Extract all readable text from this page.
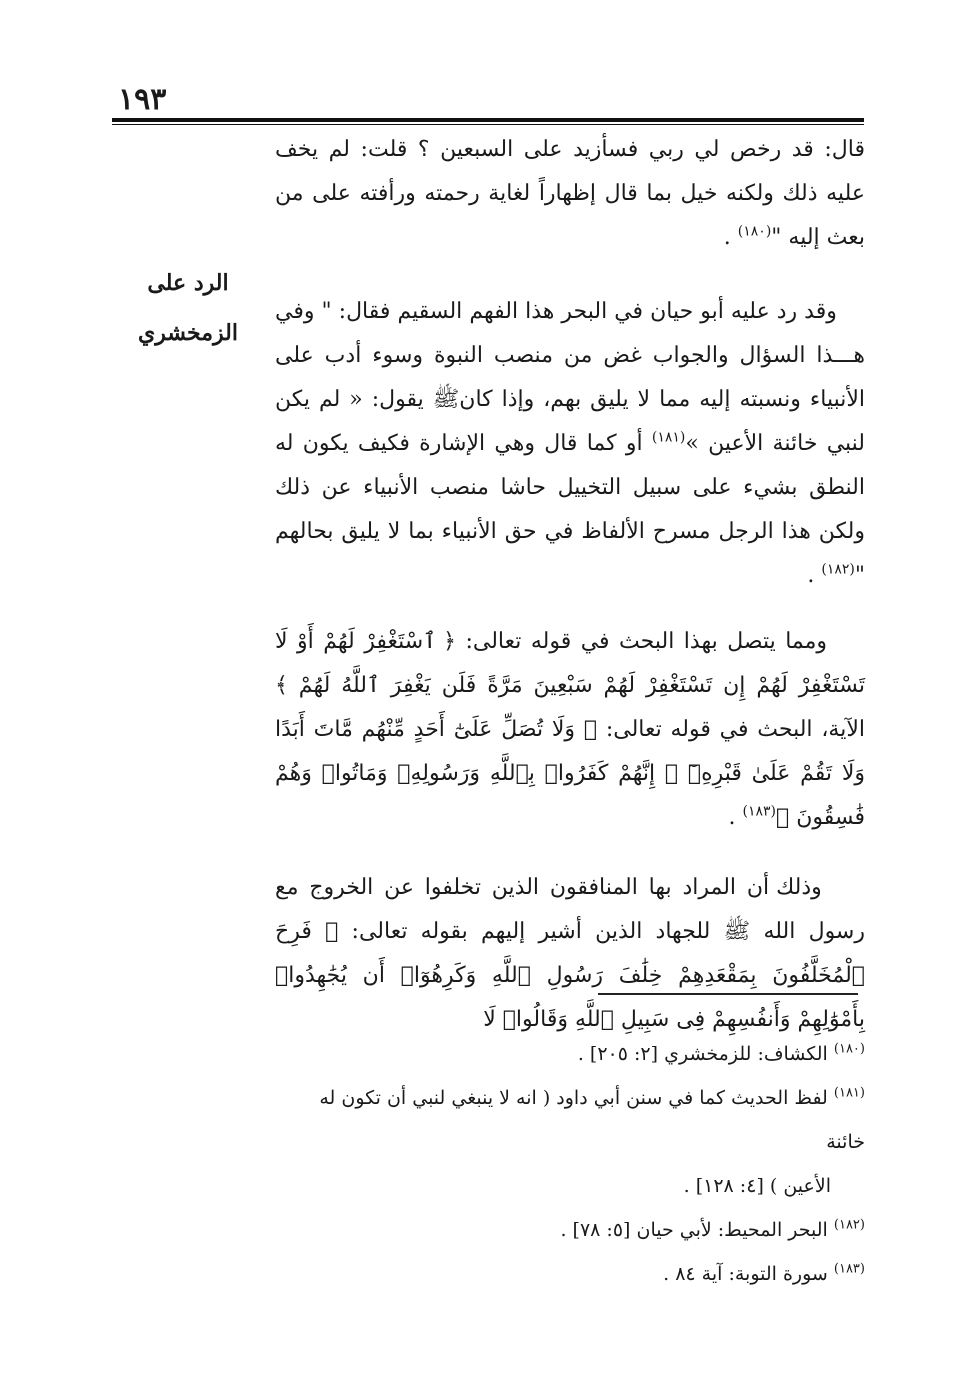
١٩٣
الرد على
الزمخشري

قال: قد رخص لي ربي فسأزيد على السبعين ؟ قلت: لم يخف عليه ذلك ولكنه خيل بما قال إظهاراً لغاية رحمته ورأفته على من بعث إليه "$^{(١٨٠)}$ .

وقد رد عليه أبو حيان في البحر هذا الفهم السقيم فقال: " وفي هـــذا السؤال والجواب غض من منصب النبوة وسوء أدب على الأنبياء ونسبته إليه مما لا يليق بهم، وإذا كانﷺ يقول: « لم يكن لنبي خائنة الأعين »$^{(١٨١)}$ أو كما قال وهي الإشارة فكيف يكون له النطق بشيء على سبيل التخييل حاشا منصب الأنبياء عن ذلك ولكن هذا الرجل مسرح الألفاظ في حق الأنبياء بما لا يليق بحالهم "$^{(١٨٢)}$ .

ومما يتصل بهذا البحث في قوله تعالى: ﴿ ٱسْتَغْفِرْ لَهُمْ أَوْ لَا تَسْتَغْفِرْ لَهُمْ إِن تَسْتَغْفِرْ لَهُمْ سَبْعِينَ مَرَّةً فَلَن يَغْفِرَ ٱللَّهُ لَهُمْ ﴾ الآية، البحث في قوله تعالى: ﴿ وَلَا تُصَلِّ عَلَىٰٓ أَحَدٍ مِّنْهُم مَّاتَ أَبَدًا وَلَا تَقُمْ عَلَىٰ قَبْرِهِۦٓ ۖ إِنَّهُمْ كَفَرُوا۟ بِٱللَّهِ وَرَسُولِهِۦ وَمَاتُوا۟ وَهُمْ فَٰسِقُونَ ﴾$^{(١٨٣)}$ .

وذلك أن المراد بها المنافقون الذين تخلفوا عن الخروج مع رسول الله ﷺ للجهاد الذين أشير إليهم بقوله تعالى: ﴿ فَرِحَ ٱلْمُخَلَّفُونَ بِمَقْعَدِهِمْ خِلَٰفَ رَسُولِ ٱللَّهِ وَكَرِهُوٓا۟ أَن يُجَٰهِدُوا۟ بِأَمْوَٰلِهِمْ وَأَنفُسِهِمْ فِى سَبِيلِ ٱللَّهِ وَقَالُوا۟ لَا

$^{(١٨٠)}$ الكشاف: للزمخشري [٢: ٢٠٥] .

$^{(١٨١)}$ لفظ الحديث كما في سنن أبي داود ( انه لا ينبغي لنبي أن تكون له خائنة

الأعين ) [٤: ١٢٨] .

$^{(١٨٢)}$ البحر المحيط: لأبي حيان [٥: ٧٨] .

$^{(١٨٣)}$ سورة التوبة: آية ٨٤ .
